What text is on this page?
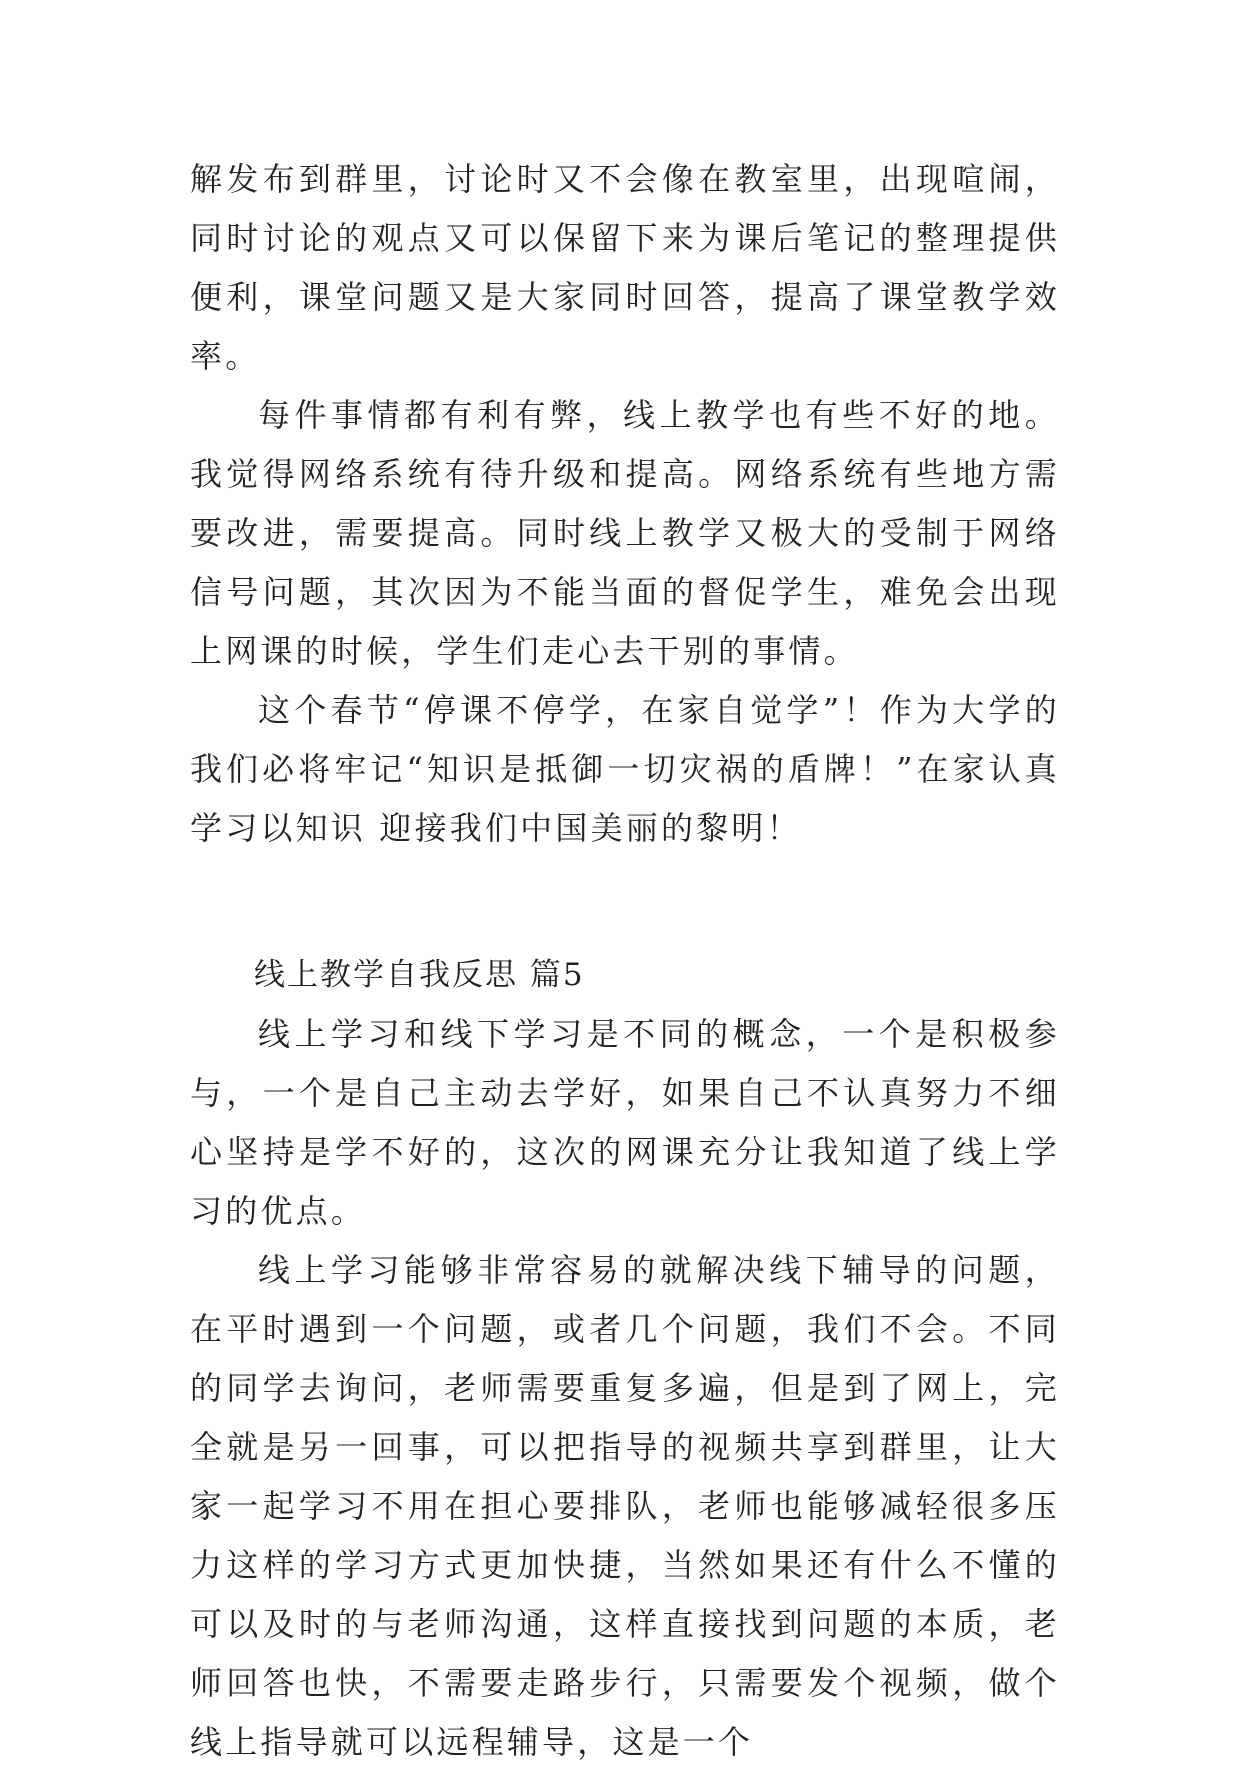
解发布到群里，讨论时又不会像在教室里，出现喧闹，同时讨论的观点又可以保留下来为课后笔记的整理提供便利，课堂问题又是大家同时回答，提高了课堂教学效率。

每件事情都有利有弊，线上教学也有些不好的地。我觉得网络系统有待升级和提高。网络系统有些地方需要改进，需要提高。同时线上教学又极大的受制于网络信号问题，其次因为不能当面的督促学生，难免会出现上网课的时候，学生们走心去干别的事情。

这个春节“停课不停学，在家自觉学”！作为大学的我们必将牢记“知识是抵御一切灾祸的盾牌！”在家认真学习以知识 迎接我们中国美丽的黎明！

线上教学自我反思 篇5

线上学习和线下学习是不同的概念，一个是积极参与，一个是自己主动去学好，如果自己不认真努力不细心坚持是学不好的，这次的网课充分让我知道了线上学习的优点。

线上学习能够非常容易的就解决线下辅导的问题，在平时遇到一个问题，或者几个问题，我们不会。不同的同学去询问，老师需要重复多遍，但是到了网上，完全就是另一回事，可以把指导的视频共享到群里，让大家一起学习不用在担心要排队，老师也能够减轻很多压力这样的学习方式更加快捷，当然如果还有什么不懂的可以及时的与老师沟通，这样直接找到问题的本质，老师回答也快，不需要走路步行，只需要发个视频，做个线上指导就可以远程辅导，这是一个
